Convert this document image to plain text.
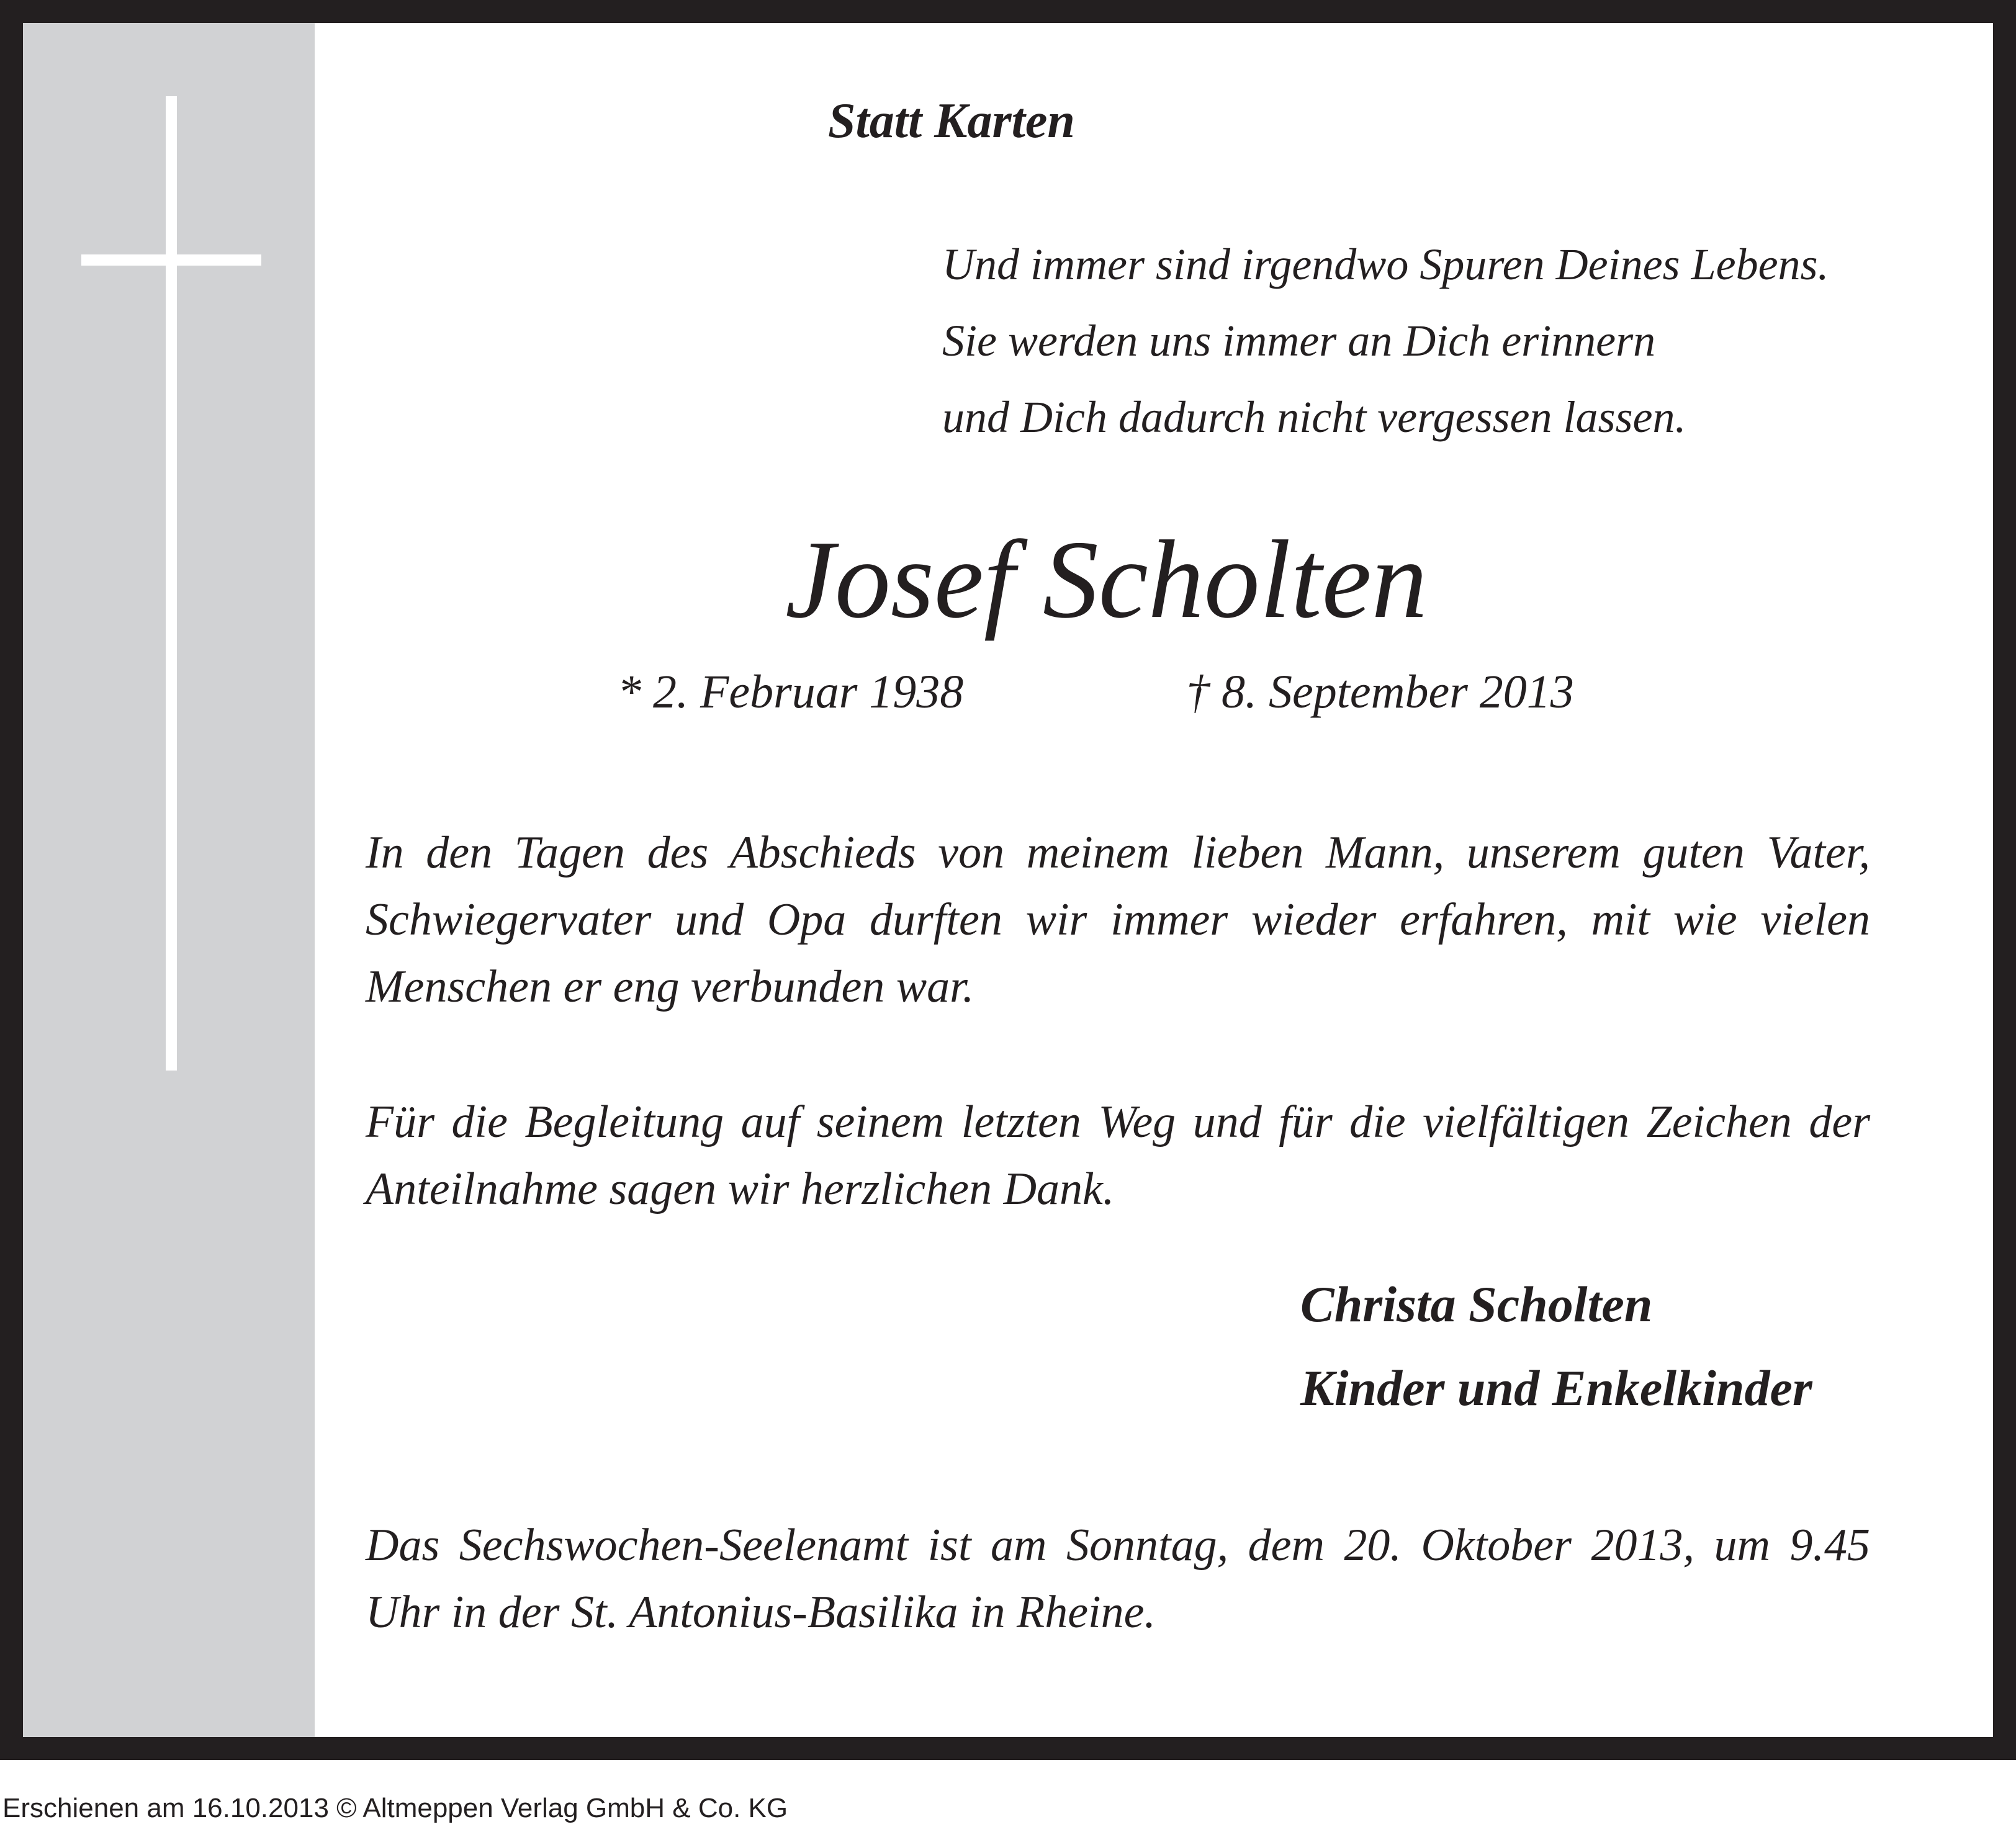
Statt Karten
Und immer sind irgendwo Spuren Deines Lebens.
Sie werden uns immer an Dich erinnern
und Dich dadurch nicht vergessen lassen.
Josef Scholten
* 2. Februar 1938	† 8. September 2013

In den Tagen des Abschieds von meinem lieben Mann, unserem guten Vater, Schwiegervater und Opa durften wir immer wieder erfahren, mit wie vielen Menschen er eng verbunden war.

Für die Begleitung auf seinem letzten Weg und für die vielfältigen Zeichen der Anteilnahme sagen wir herzlichen Dank.

Christa Scholten
Kinder und Enkelkinder

Das Sechswochen-Seelenamt ist am Sonntag, dem 20. Oktober 2013, um 9.45 Uhr in der St. Antonius-Basilika in Rheine.

Erschienen am 16.10.2013 © Altmeppen Verlag GmbH & Co. KG
